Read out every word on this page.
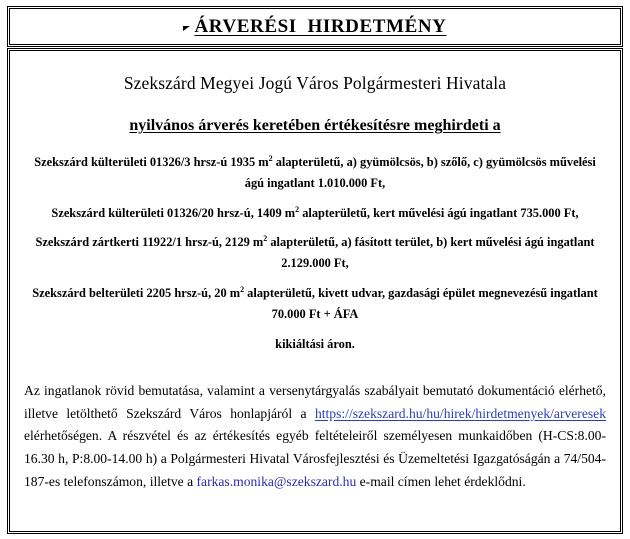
ÁRVERÉSI  HIRDETMÉNY
Szekszárd Megyei Jogú Város Polgármesteri Hivatala
nyilvános árverés keretében értékesítésre meghirdeti a
Szekszárd külterületi 01326/3 hrsz-ú 1935 $m^2$ alapterületű, a) gyümölcsös, b) szőlő, c) gyümölcsös művelési ágú ingatlant 1.010.000 Ft,
Szekszárd külterületi 01326/20 hrsz-ú, 1409 $m^2$ alapterületű, kert művelési ágú ingatlant 735.000 Ft,
Szekszárd zártkerti 11922/1 hrsz-ú, 2129 $m^2$ alapterületű, a) fásított terület, b) kert művelési ágú ingatlant 2.129.000 Ft,
Szekszárd belterületi 2205 hrsz-ú, 20 $m^2$ alapterületű, kivett udvar, gazdasági épület megnevezésű ingatlant 70.000 Ft + ÁFA
kikiáltási áron.
Az ingatlanok rövid bemutatása, valamint a versenytárgyalás szabályait bemutató dokumentáció elérhető, illetve letölthető Szekszárd Város honlapjáról a https://szekszard.hu/hu/hirek/hirdetmenyek/arveresek elérhetőségen. A részvétel és az értékesítés egyéb feltételeiről személyesen munkaidőben (H-CS:8.00-16.30 h, P:8.00-14.00 h) a Polgármesteri Hivatal Városfejlesztési és Üzemeltetési Igazgatóságán a 74/504-187-es telefonszámon, illetve a farkas.monika@szekszard.hu e-mail címen lehet érdeklődni.
